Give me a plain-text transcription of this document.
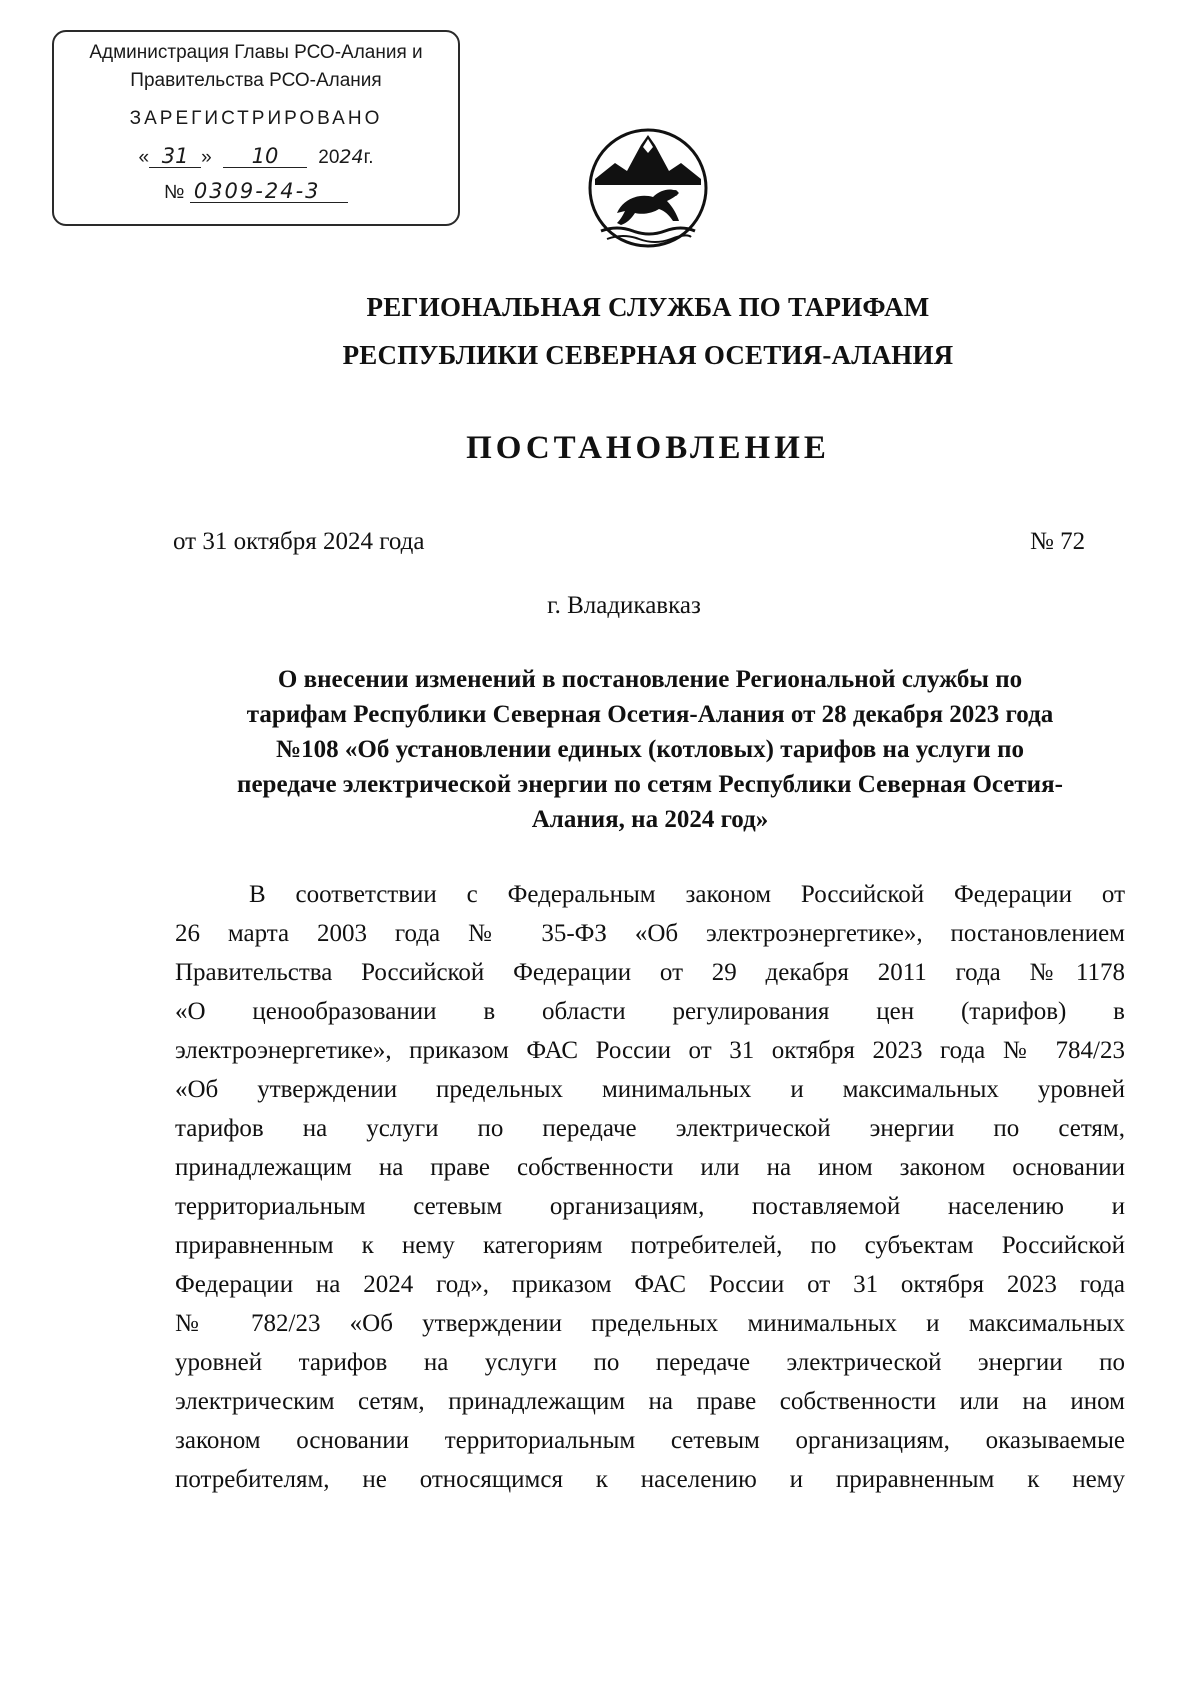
Администрация Главы РСО-Алания и
Правительства РСО-Алания
ЗАРЕГИСТРИРОВАНО
« 31 » 10 2024г.
№ 0309-24-3
РЕГИОНАЛЬНАЯ СЛУЖБА ПО ТАРИФАМ
РЕСПУБЛИКИ СЕВЕРНАЯ ОСЕТИЯ-АЛАНИЯ
ПОСТАНОВЛЕНИЕ
от 31 октября 2024 года	№ 72
г. Владикавказ
О внесении изменений в постановление Региональной службы по
тарифам Республики Северная Осетия-Алания от 28 декабря 2023 года
№108 «Об установлении единых (котловых) тарифов на услуги по
передаче электрической энергии по сетям Республики Северная Осетия-
Алания, на 2024 год»
В соответствии с Федеральным законом Российской Федерации от
26 марта 2003 года № 35-ФЗ «Об электроэнергетике», постановлением
Правительства Российской Федерации от 29 декабря 2011 года №1178
«О ценообразовании в области регулирования цен (тарифов) в
электроэнергетике», приказом ФАС России от 31 октября 2023 года № 784/23
«Об утверждении предельных минимальных и максимальных уровней
тарифов на услуги по передаче электрической энергии по сетям,
принадлежащим на праве собственности или на ином законом основании
территориальным сетевым организациям, поставляемой населению и
приравненным к нему категориям потребителей, по субъектам Российской
Федерации на 2024 год», приказом ФАС России от 31 октября 2023 года
№ 782/23 «Об утверждении предельных минимальных и максимальных
уровней тарифов на услуги по передаче электрической энергии по
электрическим сетям, принадлежащим на праве собственности или на ином
законом основании территориальным сетевым организациям, оказываемые
потребителям, не относящимся к населению и приравненным к нему
